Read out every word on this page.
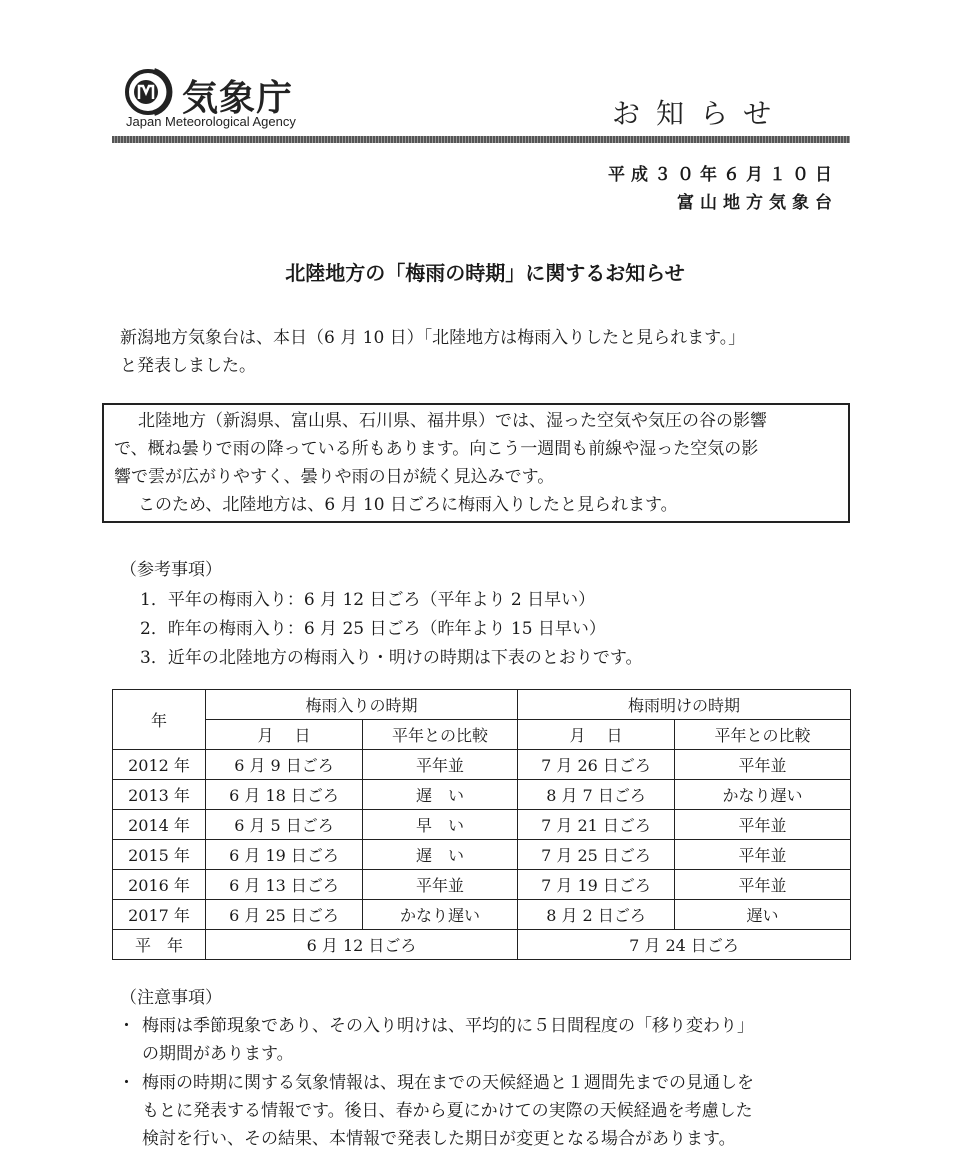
気象庁
Japan Meteorological Agency	お知らせ
平成３０年６月１０日
富山地方気象台
北陸地方の「梅雨の時期」に関するお知らせ
新潟地方気象台は、本日（6 月 10 日）「北陸地方は梅雨入りしたと見られます。」
と発表しました。
北陸地方（新潟県、富山県、石川県、福井県）では、湿った空気や気圧の谷の影響
で、概ね曇りで雨の降っている所もあります。向こう一週間も前線や湿った空気の影
響で雲が広がりやすく、曇りや雨の日が続く見込みです。
このため、北陸地方は、6 月 10 日ごろに梅雨入りしたと見られます。
（参考事項）
1．平年の梅雨入り：6 月 12 日ごろ（平年より 2 日早い）
2．昨年の梅雨入り：6 月 25 日ごろ（昨年より 15 日早い）
3．近年の北陸地方の梅雨入り・明けの時期は下表のとおりです。
年	梅雨入りの時期		梅雨明けの時期	
	月　 日	平年との比較	月　 日	平年との比較
2012 年	6 月 9 日ごろ	平年並	7 月 26 日ごろ	平年並
2013 年	6 月 18 日ごろ	遅　い	8 月 7 日ごろ	かなり遅い
2014 年	6 月 5 日ごろ	早　い	7 月 21 日ごろ	平年並
2015 年	6 月 19 日ごろ	遅　い	7 月 25 日ごろ	平年並
2016 年	6 月 13 日ごろ	平年並	7 月 19 日ごろ	平年並
2017 年	6 月 25 日ごろ	かなり遅い	8 月 2 日ごろ	遅い
平　年	6 月 12 日ごろ		7 月 24 日ごろ	
（注意事項）
・ 梅雨は季節現象であり、その入り明けは、平均的に５日間程度の「移り変わり」
の期間があります。
・ 梅雨の時期に関する気象情報は、現在までの天候経過と１週間先までの見通しを
もとに発表する情報です。後日、春から夏にかけての実際の天候経過を考慮した
検討を行い、その結果、本情報で発表した期日が変更となる場合があります。
